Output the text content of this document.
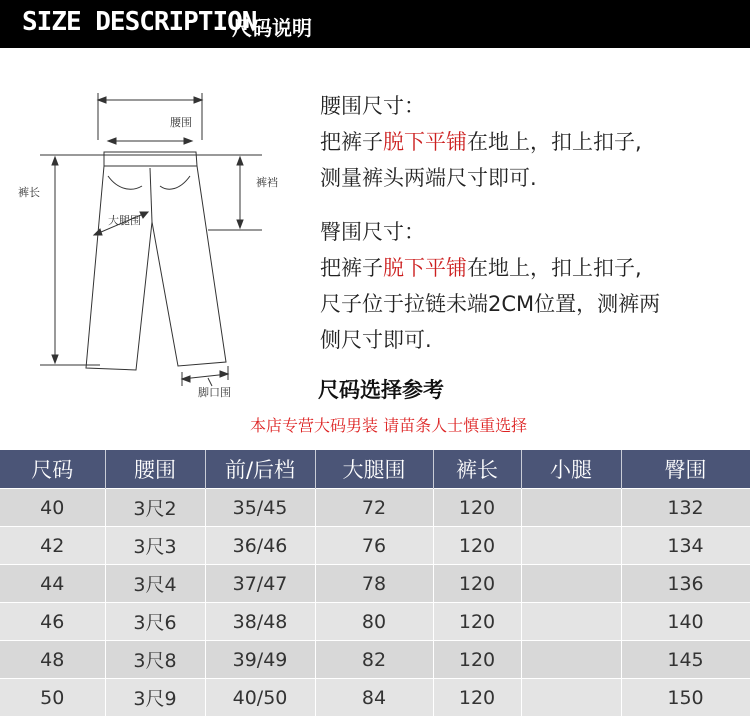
SIZE DESCRIPTION
尺码说明
腰围
裤长
裤裆
大腿围
脚口围
腰围尺寸：
把裤子脱下平铺在地上，扣上扣子,
测量裤头两端尺寸即可.
臀围尺寸：
把裤子脱下平铺在地上，扣上扣子,
尺子位于拉链未端2CM位置，测裤两
侧尺寸即可.
尺码选择参考
本店专营大码男装 请苗条人士慎重选择
尺码	腰围	前/后档	大腿围	裤长	小腿	臀围
40	3尺2	35/45	72	120		132
42	3尺3	36/46	76	120		134
44	3尺4	37/47	78	120		136
46	3尺6	38/48	80	120		140
48	3尺8	39/49	82	120		145
50	3尺9	40/50	84	120		150
